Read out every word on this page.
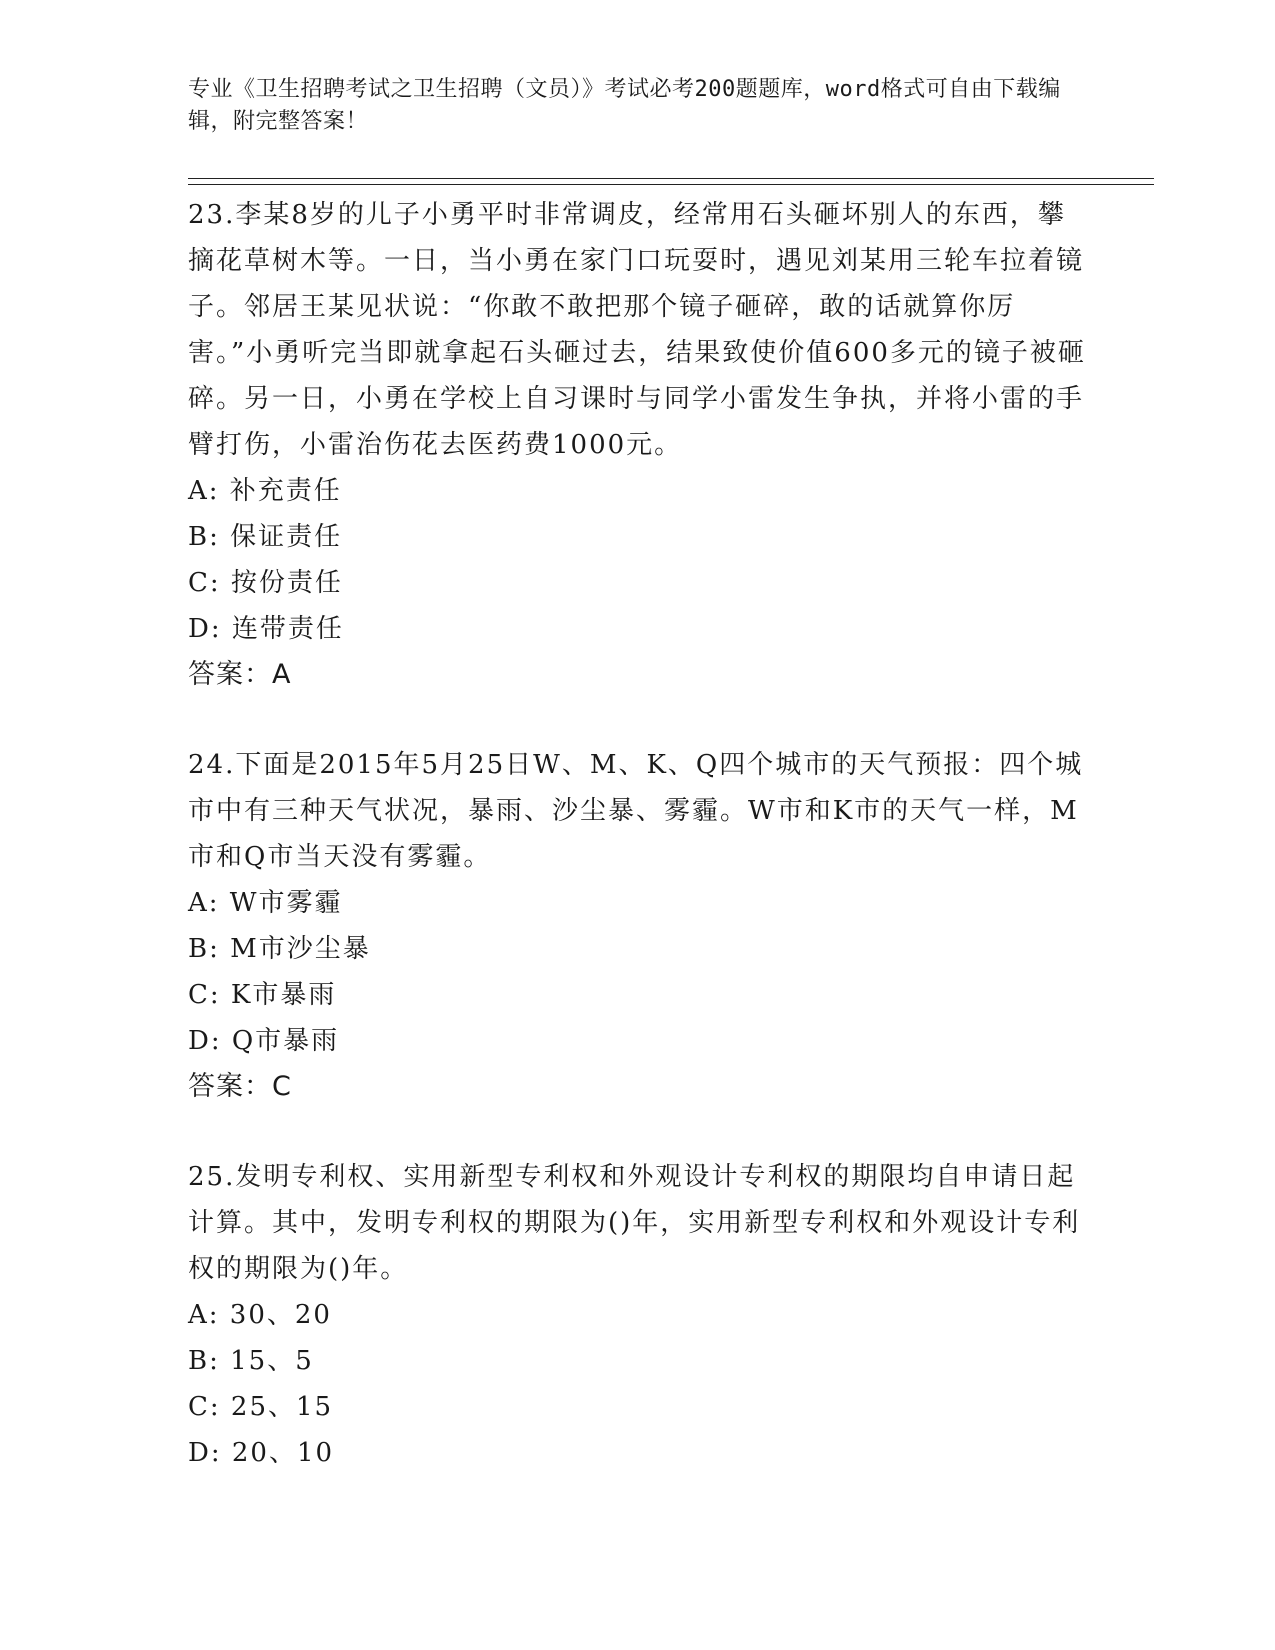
专业《卫生招聘考试之卫生招聘（文员）》考试必考200题题库，word格式可自由下载编辑，附完整答案！
23.李某8岁的儿子小勇平时非常调皮，经常用石头砸坏别人的东西，攀摘花草树木等。一日，当小勇在家门口玩耍时，遇见刘某用三轮车拉着镜子。邻居王某见状说：“你敢不敢把那个镜子砸碎，敢的话就算你厉害。”小勇听完当即就拿起石头砸过去，结果致使价值600多元的镜子被砸碎。另一日，小勇在学校上自习课时与同学小雷发生争执，并将小雷的手臂打伤，小雷治伤花去医药费1000元。
A: 补充责任
B: 保证责任
C: 按份责任
D: 连带责任
答案：A
24.下面是2015年5月25日W、M、K、Q四个城市的天气预报：四个城市中有三种天气状况，暴雨、沙尘暴、雾霾。W市和K市的天气一样，M市和Q市当天没有雾霾。
A: W市雾霾
B: M市沙尘暴
C: K市暴雨
D: Q市暴雨
答案：C
25.发明专利权、实用新型专利权和外观设计专利权的期限均自申请日起计算。其中，发明专利权的期限为()年，实用新型专利权和外观设计专利权的期限为()年。
A: 30、20
B: 15、5
C: 25、15
D: 20、10
